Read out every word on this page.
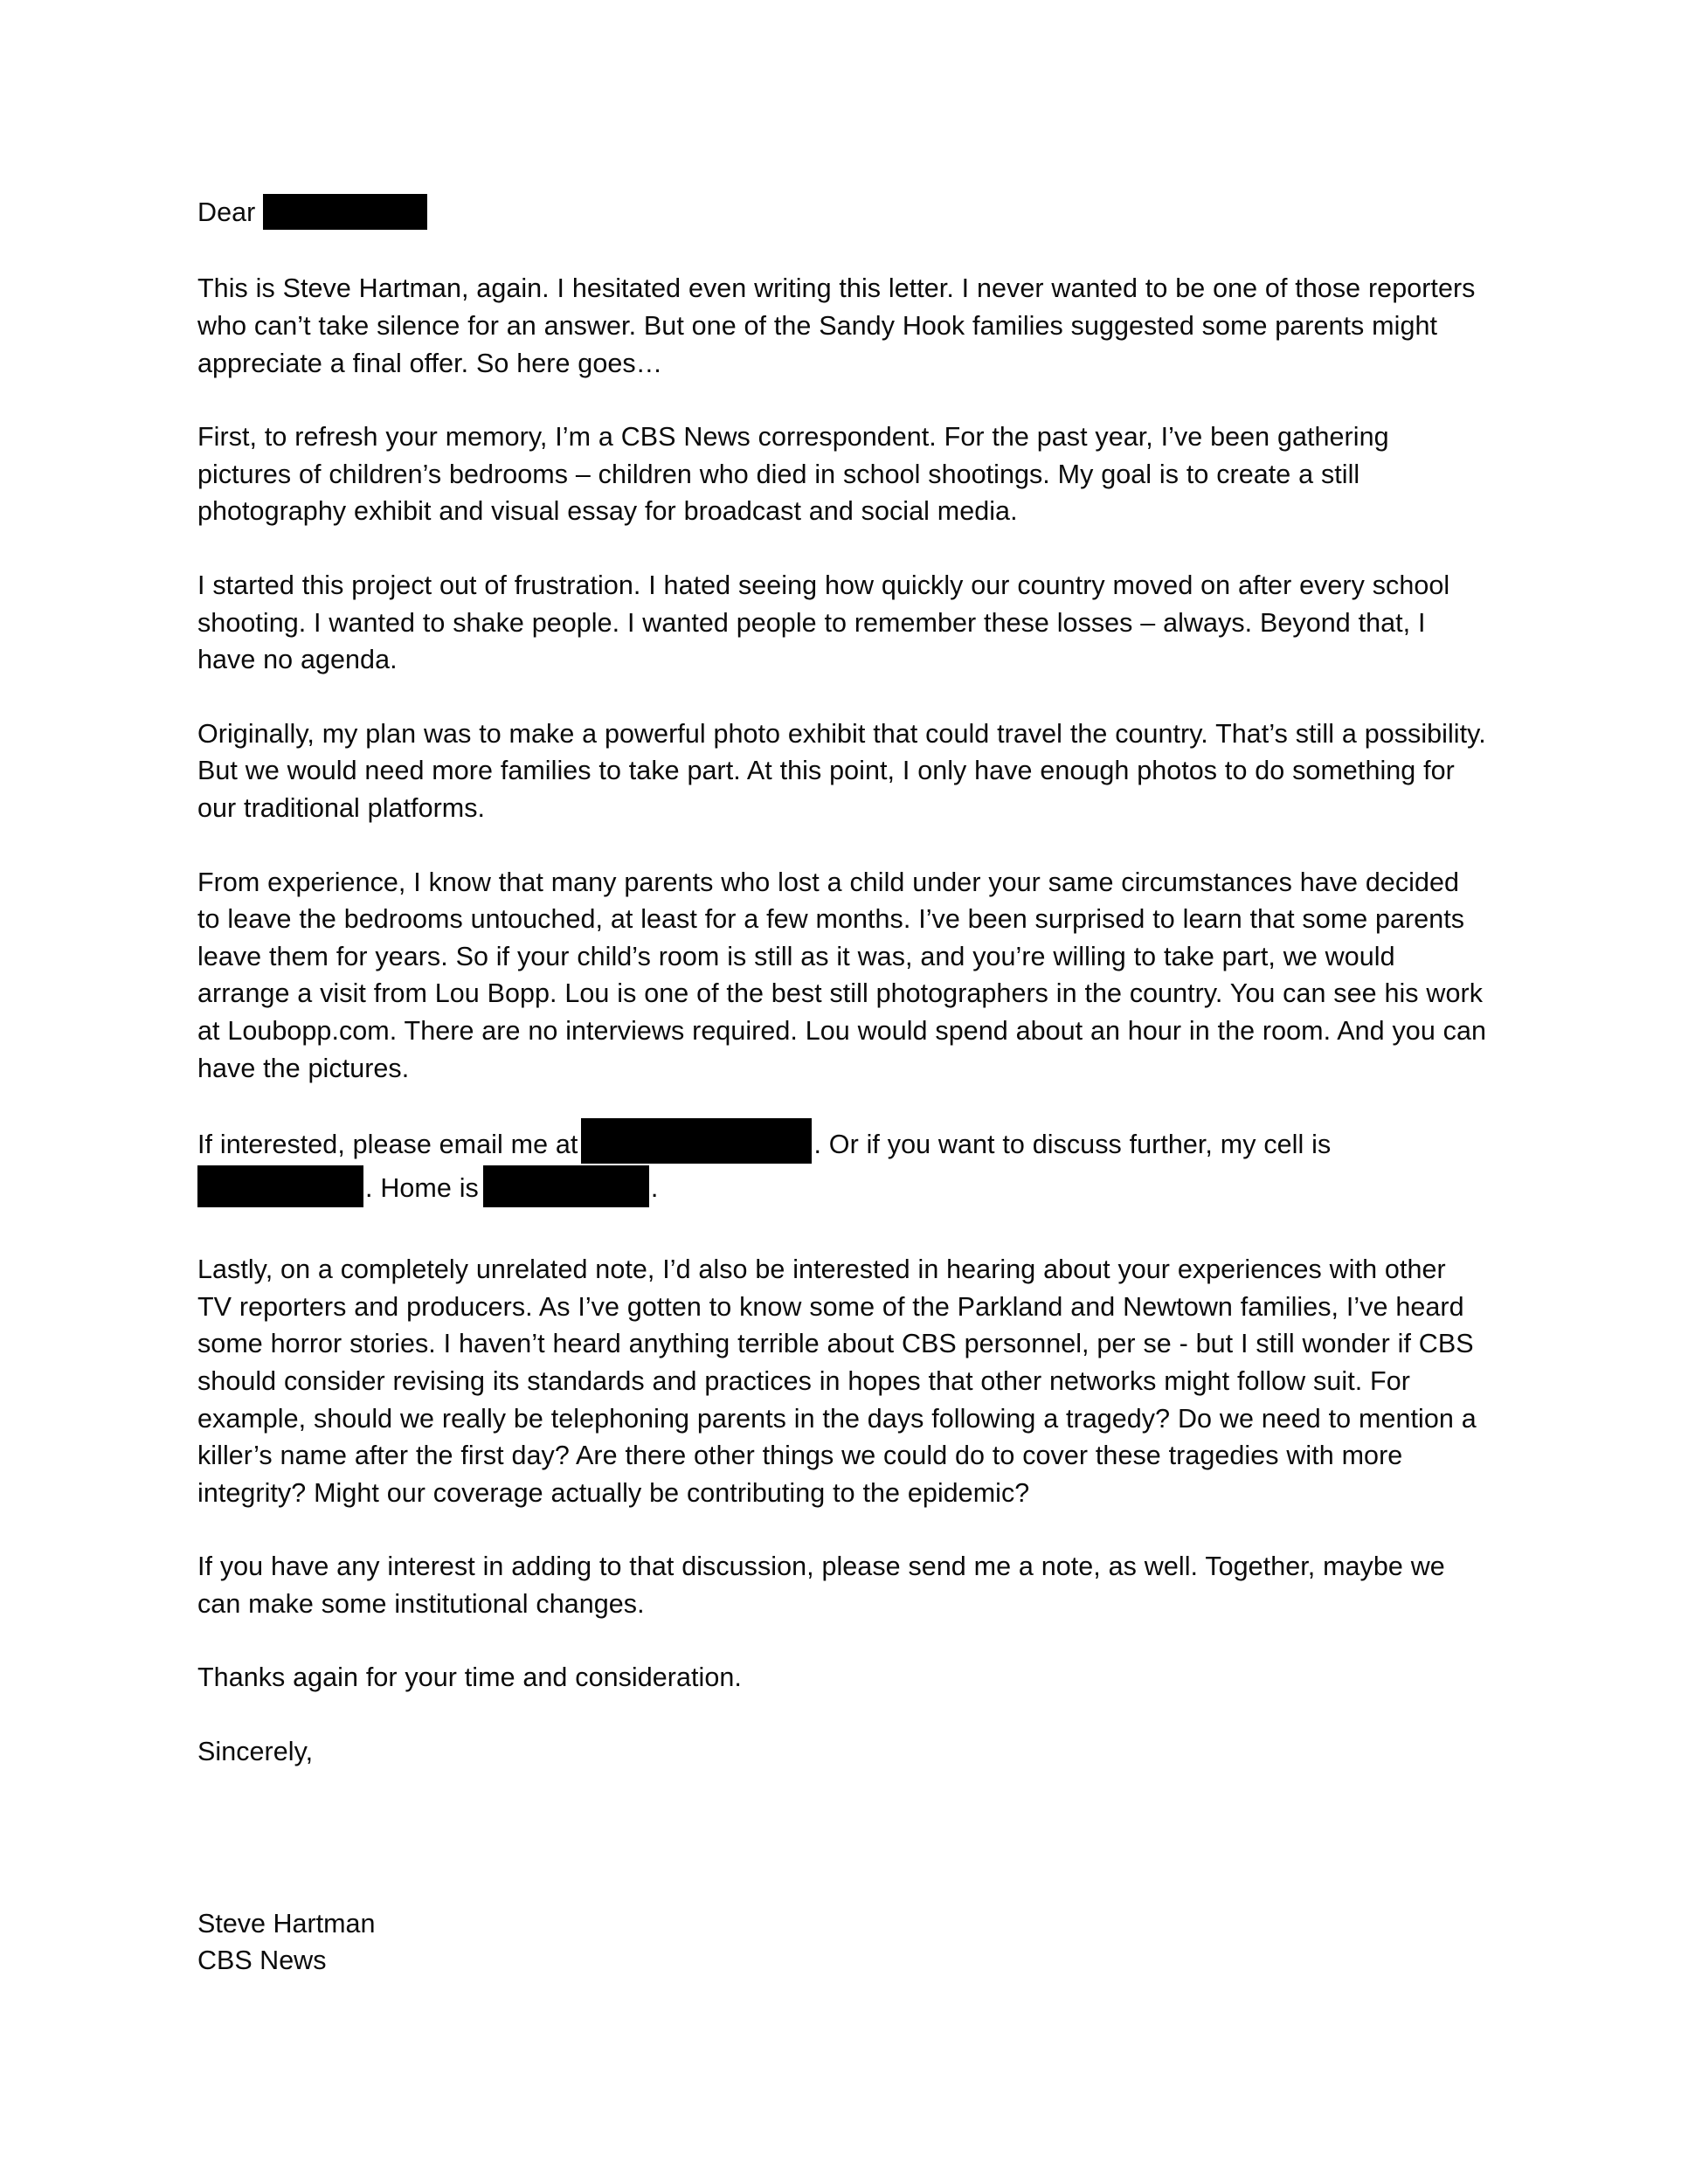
Dear

This is Steve Hartman, again. I hesitated even writing this letter. I never wanted to be one of those reporters who can’t take silence for an answer. But one of the Sandy Hook families suggested some parents might appreciate a final offer. So here goes…

First, to refresh your memory, I’m a CBS News correspondent. For the past year, I’ve been gathering pictures of children’s bedrooms – children who died in school shootings. My goal is to create a still photography exhibit and visual essay for broadcast and social media.

I started this project out of frustration. I hated seeing how quickly our country moved on after every school shooting. I wanted to shake people. I wanted people to remember these losses – always. Beyond that, I have no agenda.

Originally, my plan was to make a powerful photo exhibit that could travel the country. That’s still a possibility. But we would need more families to take part. At this point, I only have enough photos to do something for our traditional platforms.

From experience, I know that many parents who lost a child under your same circumstances have decided to leave the bedrooms untouched, at least for a few months. I’ve been surprised to learn that some parents leave them for years. So if your child’s room is still as it was, and you’re willing to take part, we would arrange a visit from Lou Bopp. Lou is one of the best still photographers in the country. You can see his work at Loubopp.com. There are no interviews required. Lou would spend about an hour in the room. And you can have the pictures.

If interested, please email me at	. Or if you want to discuss further, my cell is . Home is	.

Lastly, on a completely unrelated note, I’d also be interested in hearing about your experiences with other TV reporters and producers. As I’ve gotten to know some of the Parkland and Newtown families, I’ve heard some horror stories. I haven’t heard anything terrible about CBS personnel, per se - but I still wonder if CBS should consider revising its standards and practices in hopes that other networks might follow suit. For example, should we really be telephoning parents in the days following a tragedy? Do we need to mention a killer’s name after the first day? Are there other things we could do to cover these tragedies with more integrity? Might our coverage actually be contributing to the epidemic?

If you have any interest in adding to that discussion, please send me a note, as well. Together, maybe we can make some institutional changes.

Thanks again for your time and consideration.

Sincerely,

Steve Hartman

CBS News
